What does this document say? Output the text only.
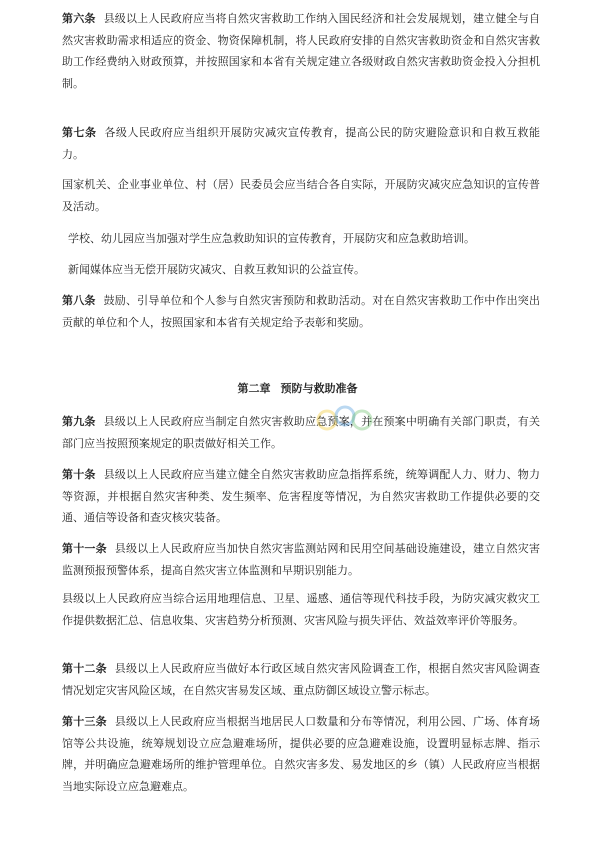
第六条 县级以上人民政府应当将自然灾害救助工作纳入国民经济和社会发展规划，建立健全与自然灾害救助需求相适应的资金、物资保障机制，将人民政府安排的自然灾害救助资金和自然灾害救助工作经费纳入财政预算，并按照国家和本省有关规定建立各级财政自然灾害救助资金投入分担机制。

第七条 各级人民政府应当组织开展防灾减灾宣传教育，提高公民的防灾避险意识和自救互救能力。

国家机关、企业事业单位、村（居）民委员会应当结合各自实际，开展防灾减灾应急知识的宣传普及活动。

学校、幼儿园应当加强对学生应急救助知识的宣传教育，开展防灾和应急救助培训。

新闻媒体应当无偿开展防灾减灾、自救互救知识的公益宣传。

第八条 鼓励、引导单位和个人参与自然灾害预防和救助活动。对在自然灾害救助工作中作出突出贡献的单位和个人，按照国家和本省有关规定给予表彰和奖励。

第二章 预防与救助准备

第九条 县级以上人民政府应当制定自然灾害救助应急预案，并在预案中明确有关部门职责，有关部门应当按照预案规定的职责做好相关工作。

第十条 县级以上人民政府应当建立健全自然灾害救助应急指挥系统，统筹调配人力、财力、物力等资源，并根据自然灾害种类、发生频率、危害程度等情况，为自然灾害救助工作提供必要的交通、通信等设备和查灾核灾装备。

第十一条 县级以上人民政府应当加快自然灾害监测站网和民用空间基础设施建设，建立自然灾害监测预报预警体系，提高自然灾害立体监测和早期识别能力。

县级以上人民政府应当综合运用地理信息、卫星、遥感、通信等现代科技手段，为防灾减灾救灾工作提供数据汇总、信息收集、灾害趋势分析预测、灾害风险与损失评估、效益效率评价等服务。

第十二条 县级以上人民政府应当做好本行政区域自然灾害风险调查工作，根据自然灾害风险调查情况划定灾害风险区域，在自然灾害易发区域、重点防御区域设立警示标志。

第十三条 县级以上人民政府应当根据当地居民人口数量和分布等情况，利用公园、广场、体育场馆等公共设施，统筹规划设立应急避难场所，提供必要的应急避难设施，设置明显标志牌、指示牌，并明确应急避难场所的维护管理单位。自然灾害多发、易发地区的乡（镇）人民政府应当根据当地实际设立应急避难点。
